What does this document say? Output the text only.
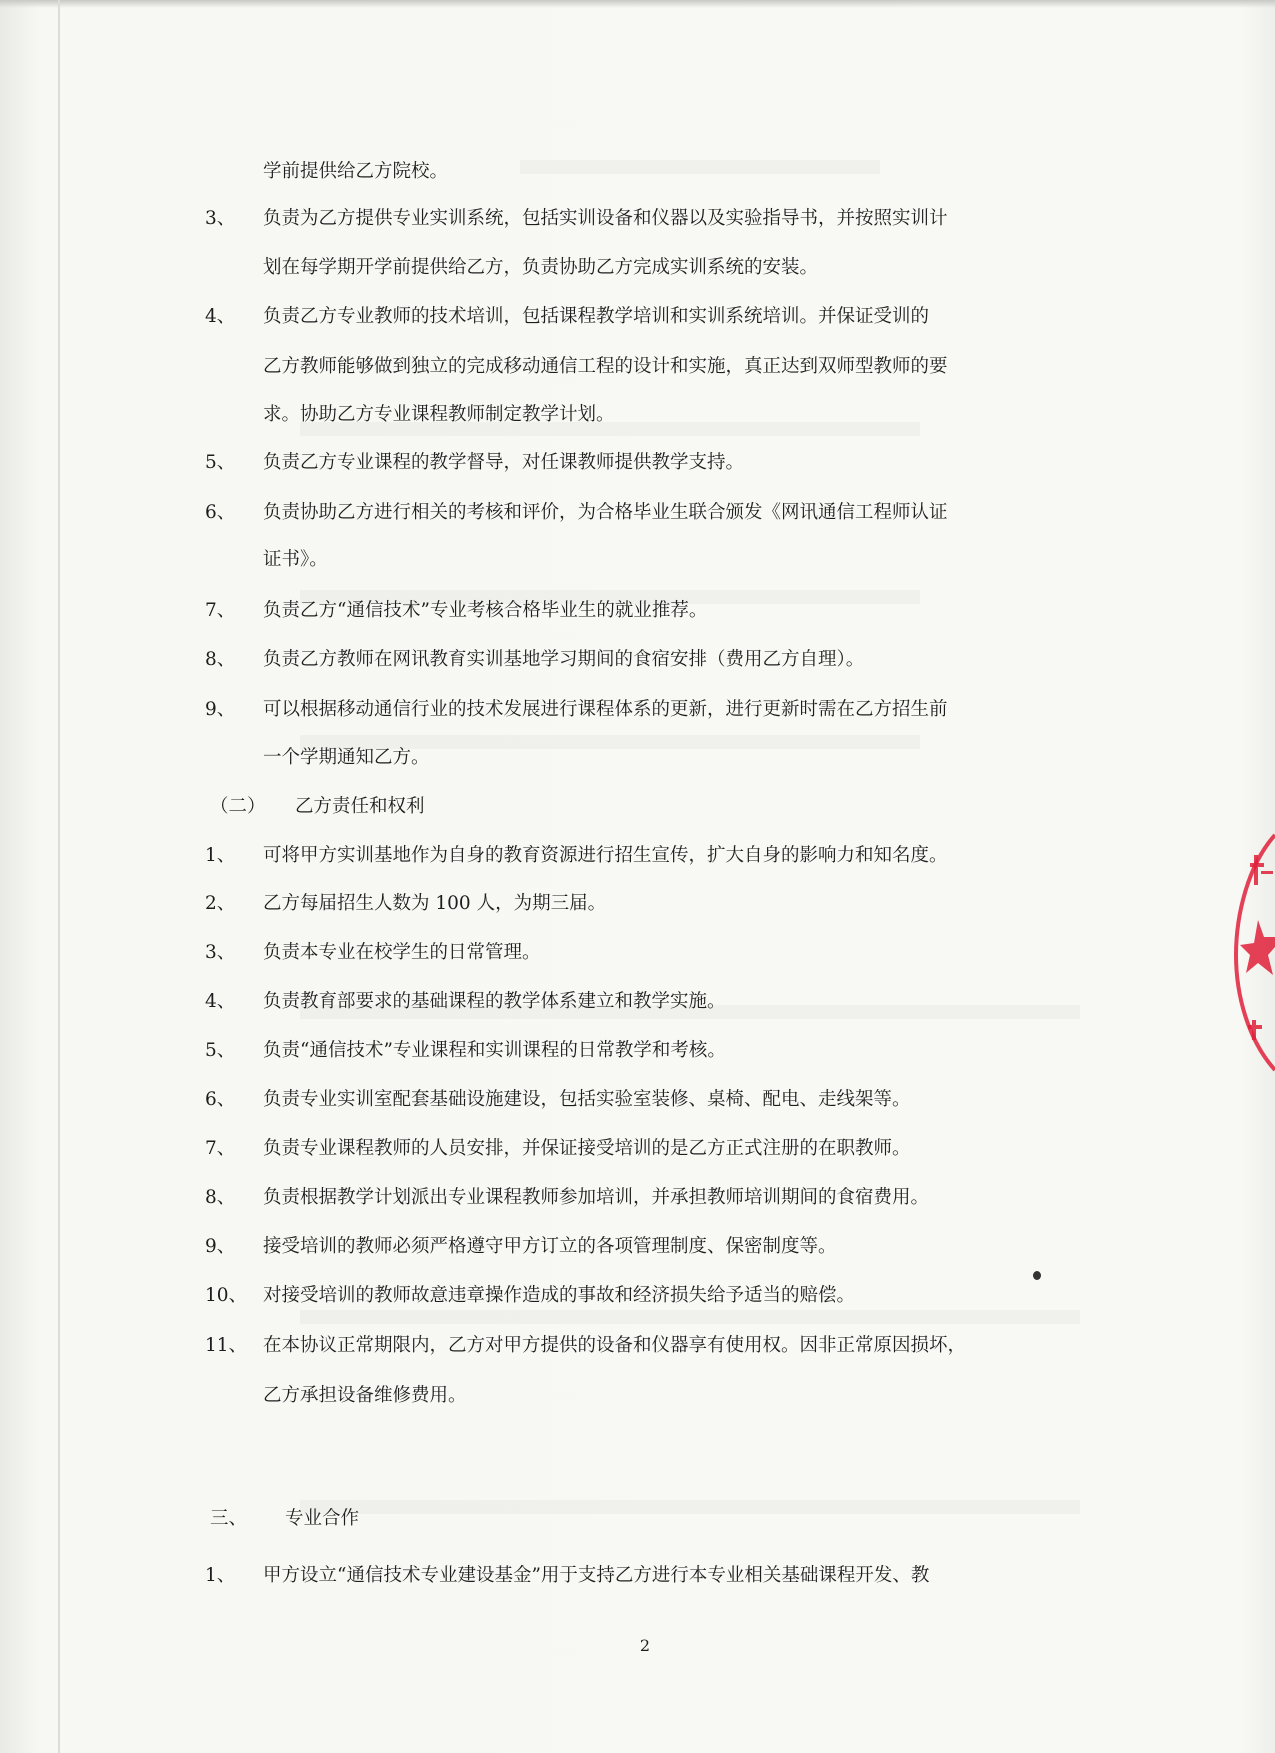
学前提供给乙方院校。
3、 负责为乙方提供专业实训系统，包括实训设备和仪器以及实验指导书，并按照实训计
划在每学期开学前提供给乙方，负责协助乙方完成实训系统的安装。
4、 负责乙方专业教师的技术培训，包括课程教学培训和实训系统培训。并保证受训的
乙方教师能够做到独立的完成移动通信工程的设计和实施，真正达到双师型教师的要
求。协助乙方专业课程教师制定教学计划。
5、 负责乙方专业课程的教学督导，对任课教师提供教学支持。
6、 负责协助乙方进行相关的考核和评价，为合格毕业生联合颁发《网讯通信工程师认证
证书》。
7、 负责乙方“通信技术”专业考核合格毕业生的就业推荐。
8、 负责乙方教师在网讯教育实训基地学习期间的食宿安排（费用乙方自理）。
9、 可以根据移动通信行业的技术发展进行课程体系的更新，进行更新时需在乙方招生前
一个学期通知乙方。
（二） 乙方责任和权利
1、 可将甲方实训基地作为自身的教育资源进行招生宣传，扩大自身的影响力和知名度。
2、 乙方每届招生人数为 100 人，为期三届。
3、 负责本专业在校学生的日常管理。
4、 负责教育部要求的基础课程的教学体系建立和教学实施。
5、 负责“通信技术”专业课程和实训课程的日常教学和考核。
6、 负责专业实训室配套基础设施建设，包括实验室装修、桌椅、配电、走线架等。
7、 负责专业课程教师的人员安排，并保证接受培训的是乙方正式注册的在职教师。
8、 负责根据教学计划派出专业课程教师参加培训，并承担教师培训期间的食宿费用。
9、 接受培训的教师必须严格遵守甲方订立的各项管理制度、保密制度等。
10、 对接受培训的教师故意违章操作造成的事故和经济损失给予适当的赔偿。
11、 在本协议正常期限内，乙方对甲方提供的设备和仪器享有使用权。因非正常原因损坏，
乙方承担设备维修费用。
三、 专业合作
1、 甲方设立“通信技术专业建设基金”用于支持乙方进行本专业相关基础课程开发、教
2
